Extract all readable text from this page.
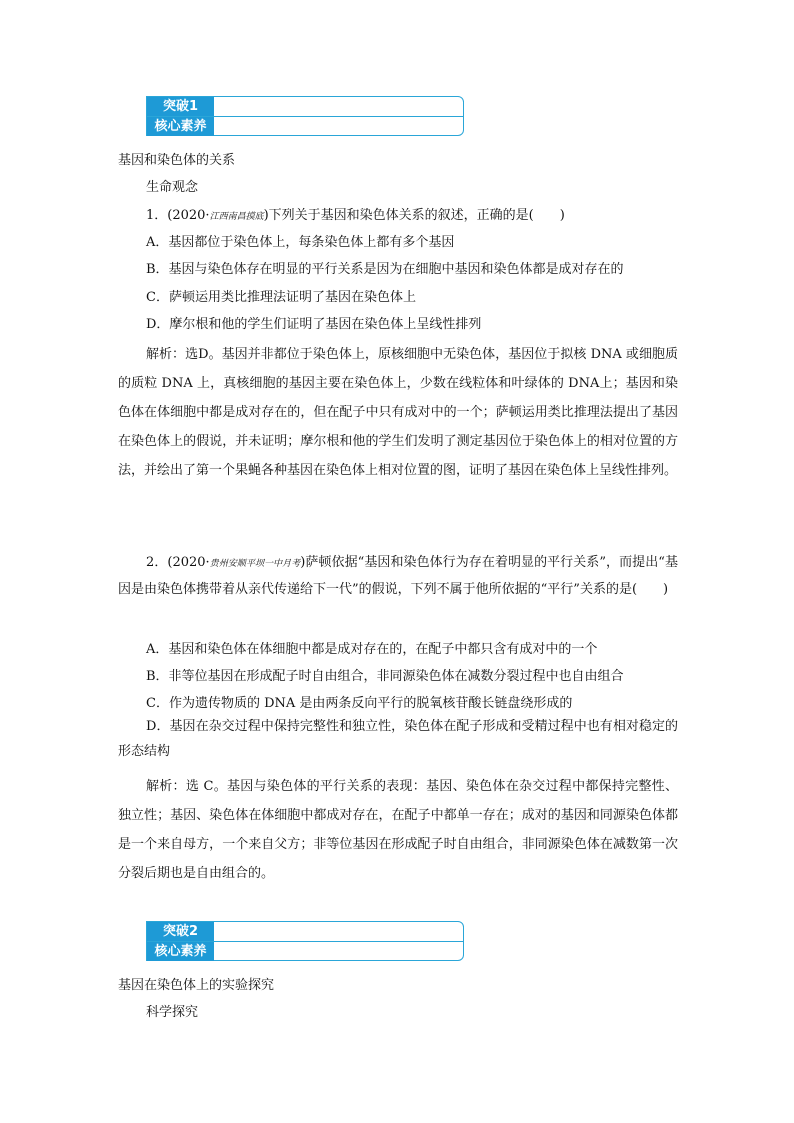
突破1
核心素养
基因和染色体的关系
生命观念
1．(2020·江西南昌摸底)下列关于基因和染色体关系的叙述，正确的是(　　)
A．基因都位于染色体上，每条染色体上都有多个基因
B．基因与染色体存在明显的平行关系是因为在细胞中基因和染色体都是成对存在的
C．萨顿运用类比推理法证明了基因在染色体上
D．摩尔根和他的学生们证明了基因在染色体上呈线性排列
解析：选D。基因并非都位于染色体上，原核细胞中无染色体，基因位于拟核 DNA 或细胞质的质粒 DNA 上，真核细胞的基因主要在染色体上，少数在线粒体和叶绿体的 DNA上；基因和染色体在体细胞中都是成对存在的，但在配子中只有成对中的一个；萨顿运用类比推理法提出了基因在染色体上的假说，并未证明；摩尔根和他的学生们发明了测定基因位于染色体上的相对位置的方法，并绘出了第一个果蝇各种基因在染色体上相对位置的图，证明了基因在染色体上呈线性排列。
2．(2020·贵州安顺平坝一中月考)萨顿依据“基因和染色体行为存在着明显的平行关系”，而提出“基因是由染色体携带着从亲代传递给下一代”的假说，下列不属于他所依据的“平行”关系的是(　　)
A．基因和染色体在体细胞中都是成对存在的，在配子中都只含有成对中的一个
B．非等位基因在形成配子时自由组合，非同源染色体在减数分裂过程中也自由组合
C．作为遗传物质的 DNA 是由两条反向平行的脱氧核苷酸长链盘绕形成的
D．基因在杂交过程中保持完整性和独立性，染色体在配子形成和受精过程中也有相对稳定的形态结构
解析：选 C。基因与染色体的平行关系的表现：基因、染色体在杂交过程中都保持完整性、独立性；基因、染色体在体细胞中都成对存在，在配子中都单一存在；成对的基因和同源染色体都是一个来自母方，一个来自父方；非等位基因在形成配子时自由组合，非同源染色体在减数第一次分裂后期也是自由组合的。
突破2
核心素养
基因在染色体上的实验探究
科学探究
